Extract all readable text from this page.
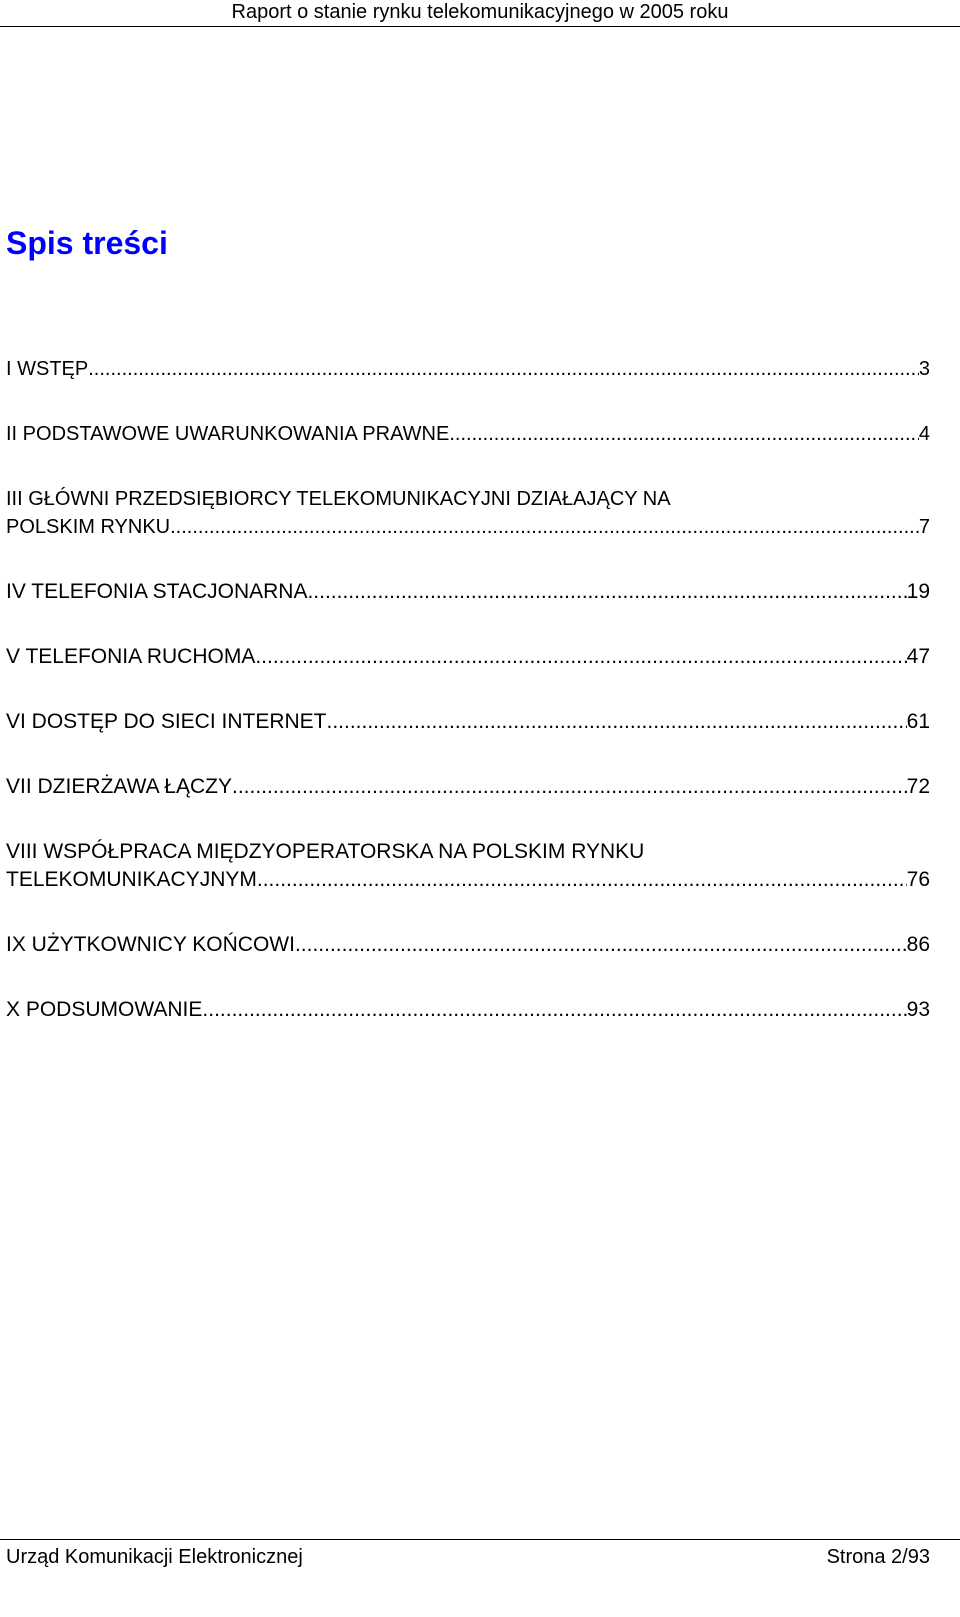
Raport o stanie rynku telekomunikacyjnego w 2005 roku
Spis treści
I WSTĘP .....	3
II PODSTAWOWE UWARUNKOWANIA PRAWNE .....	4
III GŁÓWNI PRZEDSIĘBIORCY TELEKOMUNIKACYJNI DZIAŁAJĄCY NA
POLSKIM RYNKU .....	7
IV TELEFONIA STACJONARNA .....	19
V TELEFONIA RUCHOMA .....	47
VI DOSTĘP DO SIECI INTERNET .....	61
VII DZIERŻAWA ŁĄCZY .....	72
VIII WSPÓŁPRACA MIĘDZYOPERATORSKA NA POLSKIM RYNKU
TELEKOMUNIKACYJNYM. .....	76
IX UŻYTKOWNICY KOŃCOWI .....	86
X PODSUMOWANIE .....	93
Urząd Komunikacji Elektronicznej	Strona 2/93
